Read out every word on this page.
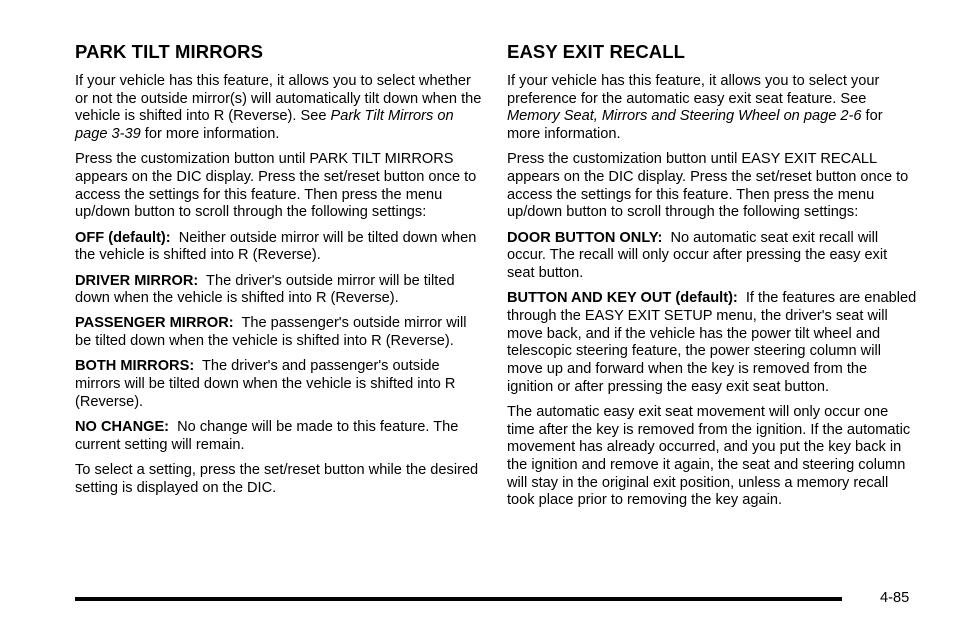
PARK TILT MIRRORS

If your vehicle has this feature, it allows you to select whether or not the outside mirror(s) will automatically tilt down when the vehicle is shifted into R (Reverse). See Park Tilt Mirrors on page 3-39 for more information.

Press the customization button until PARK TILT MIRRORS appears on the DIC display. Press the set/reset button once to access the settings for this feature. Then press the menu up/down button to scroll through the following settings:

OFF (default): Neither outside mirror will be tilted down when the vehicle is shifted into R (Reverse).

DRIVER MIRROR: The driver's outside mirror will be tilted down when the vehicle is shifted into R (Reverse).

PASSENGER MIRROR: The passenger's outside mirror will be tilted down when the vehicle is shifted into R (Reverse).

BOTH MIRRORS: The driver's and passenger's outside mirrors will be tilted down when the vehicle is shifted into R (Reverse).

NO CHANGE: No change will be made to this feature. The current setting will remain.

To select a setting, press the set/reset button while the desired setting is displayed on the DIC.

EASY EXIT RECALL

If your vehicle has this feature, it allows you to select your preference for the automatic easy exit seat feature. See Memory Seat, Mirrors and Steering Wheel on page 2-6 for more information.

Press the customization button until EASY EXIT RECALL appears on the DIC display. Press the set/reset button once to access the settings for this feature. Then press the menu up/down button to scroll through the following settings:

DOOR BUTTON ONLY: No automatic seat exit recall will occur. The recall will only occur after pressing the easy exit seat button.

BUTTON AND KEY OUT (default): If the features are enabled through the EASY EXIT SETUP menu, the driver's seat will move back, and if the vehicle has the power tilt wheel and telescopic steering feature, the power steering column will move up and forward when the key is removed from the ignition or after pressing the easy exit seat button.

The automatic easy exit seat movement will only occur one time after the key is removed from the ignition. If the automatic movement has already occurred, and you put the key back in the ignition and remove it again, the seat and steering column will stay in the original exit position, unless a memory recall took place prior to removing the key again.

4-85
